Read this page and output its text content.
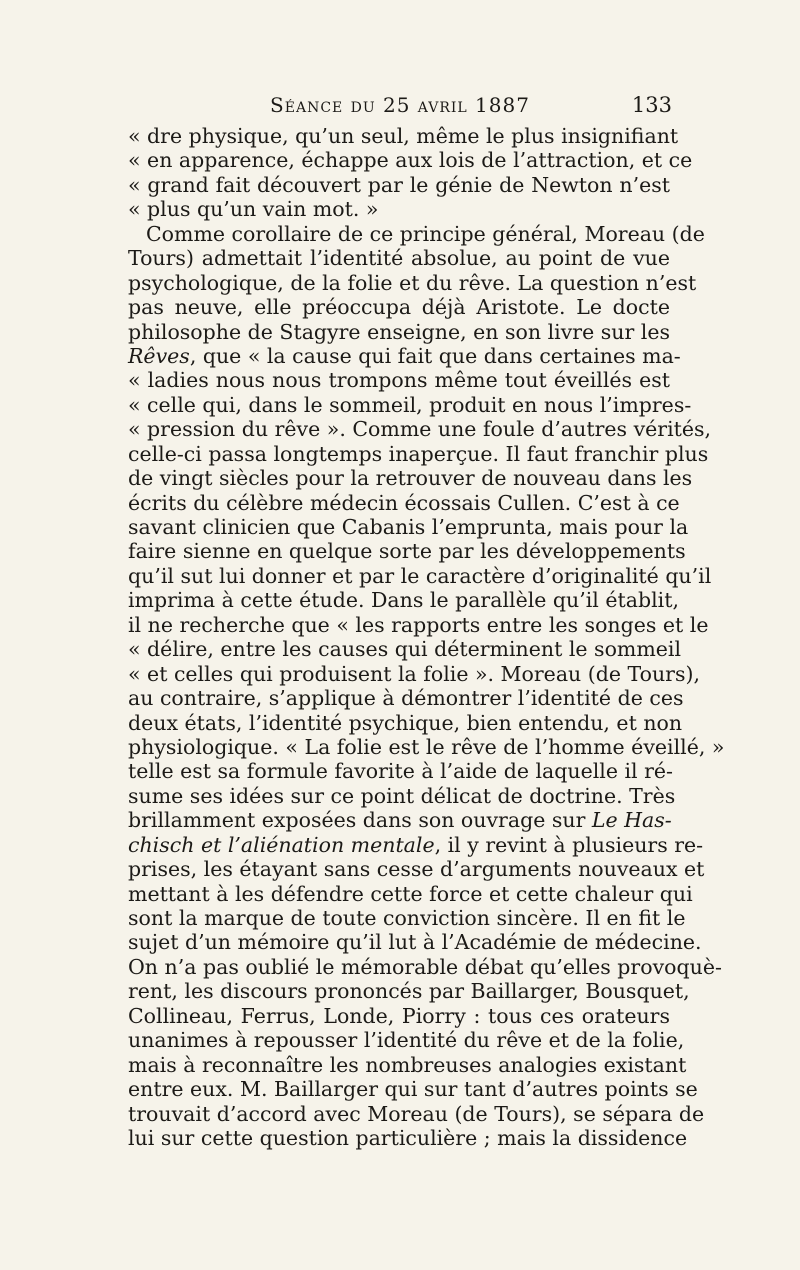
Séance du 25 avril 1887	133
« dre physique, qu’un seul, même le plus insignifiant
« en apparence, échappe aux lois de l’attraction, et ce
« grand fait découvert par le génie de Newton n’est
« plus qu’un vain mot. »
Comme corollaire de ce principe général, Moreau (de
Tours) admettait l’identité absolue, au point de vue
psychologique, de la folie et du rêve. La question n’est
pas neuve, elle préoccupa déjà Aristote. Le docte
philosophe de Stagyre enseigne, en son livre sur les
Rêves, que « la cause qui fait que dans certaines ma-
« ladies nous nous trompons même tout éveillés est
« celle qui, dans le sommeil, produit en nous l’impres-
« pression du rêve ». Comme une foule d’autres vérités,
celle-ci passa longtemps inaperçue. Il faut franchir plus
de vingt siècles pour la retrouver de nouveau dans les
écrits du célèbre médecin écossais Cullen. C’est à ce
savant clinicien que Cabanis l’emprunta, mais pour la
faire sienne en quelque sorte par les développements
qu’il sut lui donner et par le caractère d’originalité qu’il
imprima à cette étude. Dans le parallèle qu’il établit,
il ne recherche que « les rapports entre les songes et le
« délire, entre les causes qui déterminent le sommeil
« et celles qui produisent la folie ». Moreau (de Tours),
au contraire, s’applique à démontrer l’identité de ces
deux états, l’identité psychique, bien entendu, et non
physiologique. « La folie est le rêve de l’homme éveillé, »
telle est sa formule favorite à l’aide de laquelle il ré-
sume ses idées sur ce point délicat de doctrine. Très
brillamment exposées dans son ouvrage sur Le Has-
chisch et l’aliénation mentale, il y revint à plusieurs re-
prises, les étayant sans cesse d’arguments nouveaux et
mettant à les défendre cette force et cette chaleur qui
sont la marque de toute conviction sincère. Il en fit le
sujet d’un mémoire qu’il lut à l’Académie de médecine.
On n’a pas oublié le mémorable débat qu’elles provoquè-
rent, les discours prononcés par Baillarger, Bousquet,
Collineau, Ferrus, Londe, Piorry : tous ces orateurs
unanimes à repousser l’identité du rêve et de la folie,
mais à reconnaître les nombreuses analogies existant
entre eux. M. Baillarger qui sur tant d’autres points se
trouvait d’accord avec Moreau (de Tours), se sépara de
lui sur cette question particulière ; mais la dissidence
